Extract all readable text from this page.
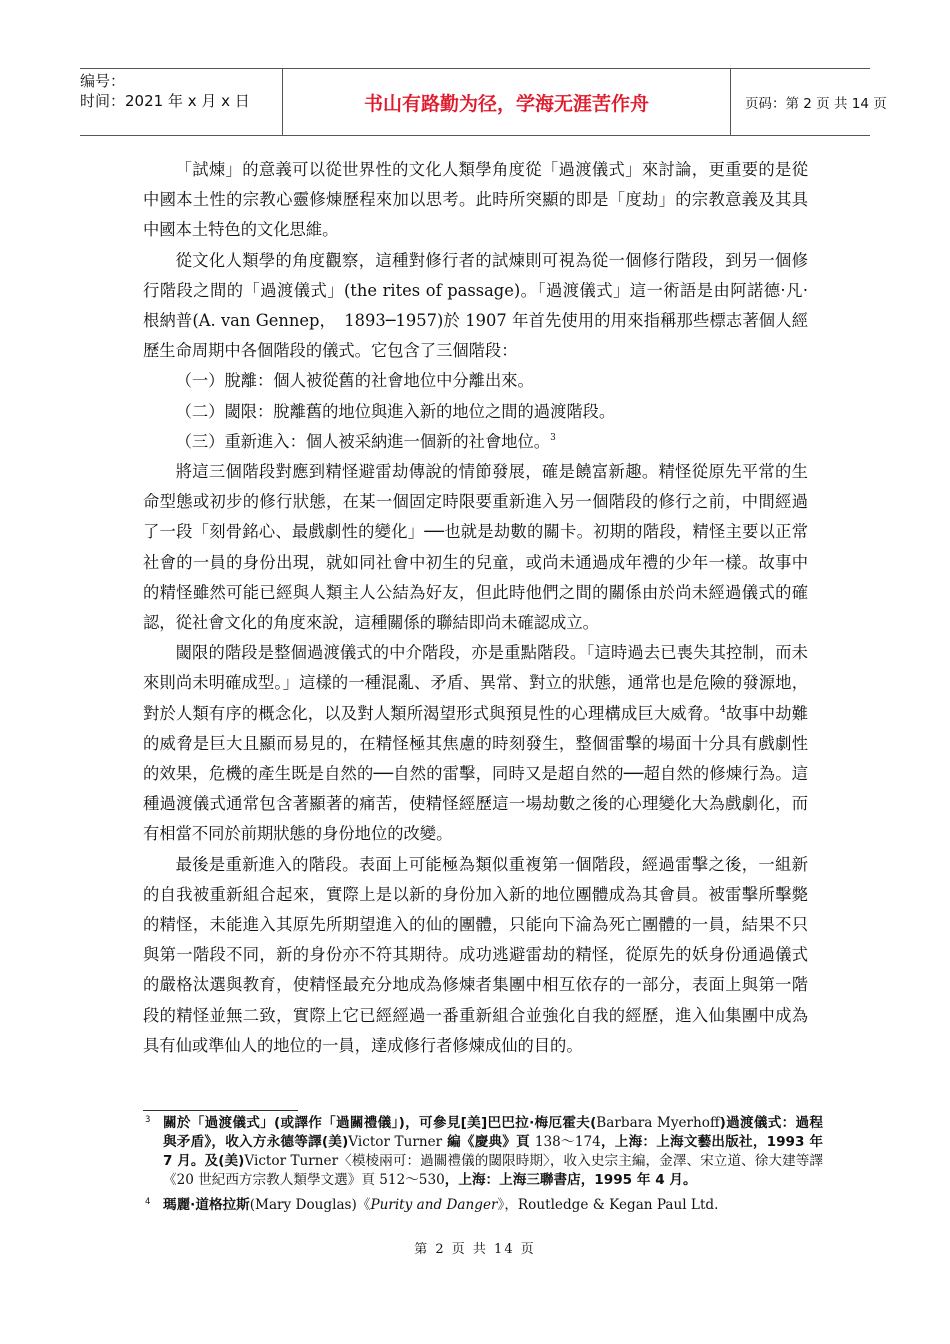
编号：
时间：2021 年 x 月 x 日	书山有路勤为径，学海无涯苦作舟	页码：第 2 页 共 14 页

「試煉」的意義可以從世界性的文化人類學角度從「過渡儀式」來討論，更重要的是從中國本土性的宗教心靈修煉歷程來加以思考。此時所突顯的即是「度劫」的宗教意義及其具中國本土特色的文化思維。

從文化人類學的角度觀察，這種對修行者的試煉則可視為從一個修行階段，到另一個修行階段之間的「過渡儀式」(the rites of passage)。「過渡儀式」這一術語是由阿諾德·凡·根納普(A. van Gennep，　1893─1957)於 1907 年首先使用的用來指稱那些標志著個人經歷生命周期中各個階段的儀式。它包含了三個階段：

（一）脫離：個人被從舊的社會地位中分離出來。

（二）閾限：脫離舊的地位與進入新的地位之間的過渡階段。

（三）重新進入：個人被采納進一個新的社會地位。$^3$

將這三個階段對應到精怪避雷劫傳說的情節發展，確是饒富新趣。精怪從原先平常的生命型態或初步的修行狀態，在某一個固定時限要重新進入另一個階段的修行之前，中間經過了一段「刻骨銘心、最戲劇性的變化」──也就是劫數的關卡。初期的階段，精怪主要以正常社會的一員的身份出現，就如同社會中初生的兒童，或尚未通過成年禮的少年一樣。故事中的精怪雖然可能已經與人類主人公結為好友，但此時他們之間的關係由於尚未經過儀式的確認，從社會文化的角度來說，這種關係的聯結即尚未確認成立。

閾限的階段是整個過渡儀式的中介階段，亦是重點階段。「這時過去已喪失其控制，而未來則尚未明確成型。」這樣的一種混亂、矛盾、異常、對立的狀態，通常也是危險的發源地，對於人類有序的概念化，以及對人類所渴望形式與預見性的心理構成巨大威脅。$^4$故事中劫難的威脅是巨大且顯而易見的，在精怪極其焦慮的時刻發生，整個雷擊的場面十分具有戲劇性的效果，危機的產生既是自然的──自然的雷擊，同時又是超自然的──超自然的修煉行為。這種過渡儀式通常包含著顯著的痛苦，使精怪經歷這一場劫數之後的心理變化大為戲劇化，而有相當不同於前期狀態的身份地位的改變。

最後是重新進入的階段。表面上可能極為類似重複第一個階段，經過雷擊之後，一組新的自我被重新組合起來，實際上是以新的身份加入新的地位團體成為其會員。被雷擊所擊斃的精怪，未能進入其原先所期望進入的仙的團體，只能向下淪為死亡團體的一員，結果不只與第一階段不同，新的身份亦不符其期待。成功逃避雷劫的精怪，從原先的妖身份通過儀式的嚴格汰選與教育，使精怪最充分地成為修煉者集團中相互依存的一部分，表面上與第一階段的精怪並無二致，實際上它已經經過一番重新組合並強化自我的經歷，進入仙集團中成為具有仙或準仙人的地位的一員，達成修行者修煉成仙的目的。

3 關於「過渡儀式」(或譯作「過關禮儀」)，可參見[美]巴巴拉·梅厄霍夫(Barbara Myerhoff)過渡儀式：過程與矛盾》，收入方永德等譯(美)Victor Turner 編《慶典》頁 138～174，上海：上海文藝出版社，1993 年 7 月。及(美)Victor Turner〈模棱兩可：過關禮儀的閾限時期〉，收入史宗主編，金澤、宋立道、徐大建等譯《20 世紀西方宗教人類學文選》頁 512～530，上海：上海三聯書店，1995 年 4 月。

4 瑪麗·道格拉斯(Mary Douglas)《Purity and Danger》，Routledge & Kegan Paul Ltd.

第 2 页 共 14 页
